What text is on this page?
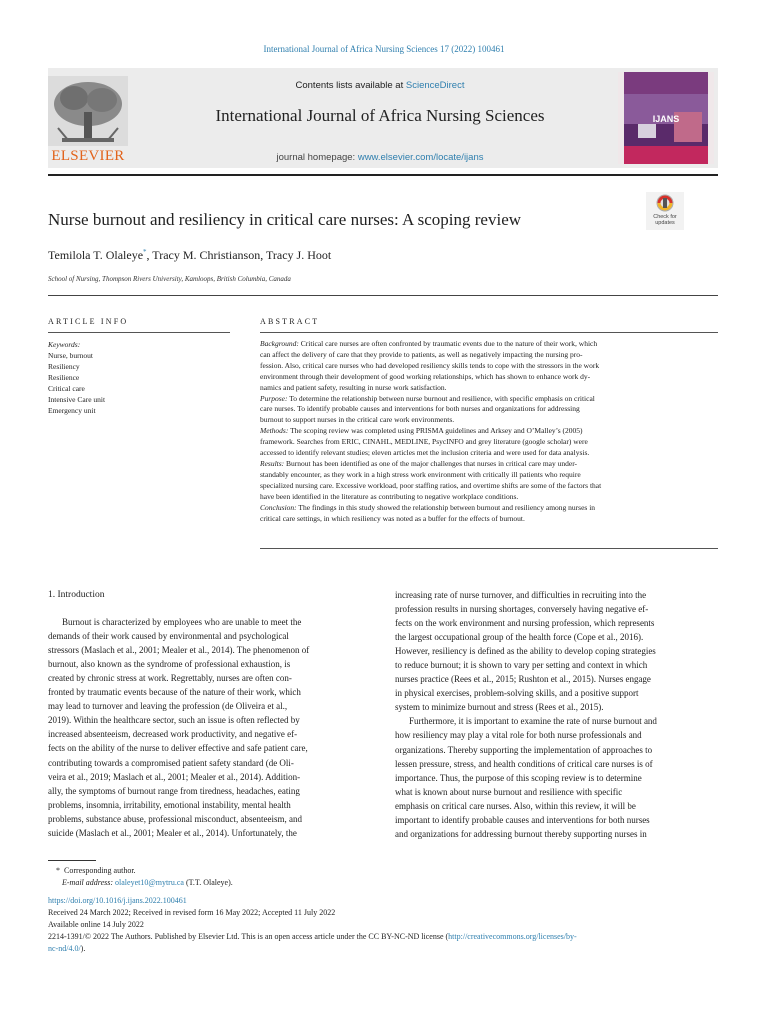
International Journal of Africa Nursing Sciences 17 (2022) 100461
ELSEVIER
Contents lists available at ScienceDirect
International Journal of Africa Nursing Sciences
journal homepage: www.elsevier.com/locate/ijans
IJANS
Nurse burnout and resiliency in critical care nurses: A scoping review	Check for
updates
Temilola T. Olaleye*, Tracy M. Christianson, Tracy J. Hoot
School of Nursing, Thompson Rivers University, Kamloops, British Columbia, Canada
ARTICLE INFO	ABSTRACT
Keywords:
Nurse, burnout
Resiliency
Resilience
Critical care
Intensive Care unit
Emergency unit
Background: Critical care nurses are often confronted by traumatic events due to the nature of their work, which
can affect the delivery of care that they provide to patients, as well as negatively impacting the nursing pro-
fession. Also, critical care nurses who had developed resiliency skills tends to cope with the stressors in the work
environment through their development of good working relationships, which has shown to enhance work dy-
namics and patient safety, resulting in nurse work satisfaction.
Purpose: To determine the relationship between nurse burnout and resilience, with specific emphasis on critical
care nurses. To identify probable causes and interventions for both nurses and organizations for addressing
burnout to support nurses in the critical care work environments.
Methods: The scoping review was completed using PRISMA guidelines and Arksey and O’Malley’s (2005)
framework. Searches from ERIC, CINAHL, MEDLINE, PsycINFO and grey literature (google scholar) were
accessed to identify relevant studies; eleven articles met the inclusion criteria and were used for data analysis.
Results: Burnout has been identified as one of the major challenges that nurses in critical care may under-
standably encounter, as they work in a high stress work environment with critically ill patients who require
specialized nursing care. Excessive workload, poor staffing ratios, and overtime shifts are some of the factors that
have been identified in the literature as contributing to negative workplace conditions.
Conclusion: The findings in this study showed the relationship between burnout and resiliency among nurses in
critical care settings, in which resiliency was noted as a buffer for the effects of burnout.
1. Introduction
Burnout is characterized by employees who are unable to meet the
demands of their work caused by environmental and psychological
stressors (Maslach et al., 2001; Mealer et al., 2014). The phenomenon of
burnout, also known as the syndrome of professional exhaustion, is
created by chronic stress at work. Regrettably, nurses are often con-
fronted by traumatic events because of the nature of their work, which
may lead to turnover and leaving the profession (de Oliveira et al.,
2019). Within the healthcare sector, such an issue is often reflected by
increased absenteeism, decreased work productivity, and negative ef-
fects on the ability of the nurse to deliver effective and safe patient care,
contributing towards a compromised patient safety standard (de Oli-
veira et al., 2019; Maslach et al., 2001; Mealer et al., 2014). Addition-
ally, the symptoms of burnout range from tiredness, headaches, eating
problems, insomnia, irritability, emotional instability, mental health
problems, substance abuse, professional misconduct, absenteeism, and
suicide (Maslach et al., 2001; Mealer et al., 2014). Unfortunately, the
increasing rate of nurse turnover, and difficulties in recruiting into the
profession results in nursing shortages, conversely having negative ef-
fects on the work environment and nursing profession, which represents
the largest occupational group of the health force (Cope et al., 2016).
However, resiliency is defined as the ability to develop coping strategies
to reduce burnout; it is shown to vary per setting and context in which
nurses practice (Rees et al., 2015; Rushton et al., 2015). Nurses engage
in physical exercises, problem-solving skills, and a positive support
system to minimize burnout and stress (Rees et al., 2015).
Furthermore, it is important to examine the rate of nurse burnout and
how resiliency may play a vital role for both nurse professionals and
organizations. Thereby supporting the implementation of approaches to
lessen pressure, stress, and health conditions of critical care nurses is of
importance. Thus, the purpose of this scoping review is to determine
what is known about nurse burnout and resilience with specific
emphasis on critical care nurses. Also, within this review, it will be
important to identify probable causes and interventions for both nurses
and organizations for addressing burnout thereby supporting nurses in
* Corresponding author.
E-mail address: olaleyet10@mytru.ca (T.T. Olaleye).
https://doi.org/10.1016/j.ijans.2022.100461
Received 24 March 2022; Received in revised form 16 May 2022; Accepted 11 July 2022
Available online 14 July 2022
2214-1391/© 2022 The Authors. Published by Elsevier Ltd. This is an open access article under the CC BY-NC-ND license (http://creativecommons.org/licenses/by-
nc-nd/4.0/).
